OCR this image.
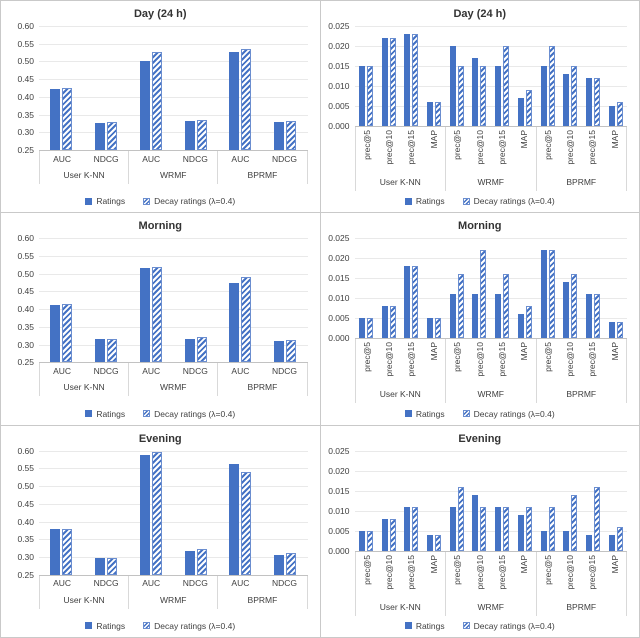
Day (24 h)
0.60
0.55
0.50
0.45
0.40
0.35
0.30
0.25
AUC	NDCG	AUC	NDCG	AUC	NDCG
User K-NN	WRMF	BPRMF
Ratings	Decay ratings (λ=0.4)
Day (24 h)
0.025
0.020
0.015
0.010
0.005
0.000
prec@5 prec@10 prec@15 MAP prec@5 prec@10 prec@15 MAP prec@5 prec@10 prec@15 MAP
User K-NN	WRMF	BPRMF
Ratings	Decay ratings (λ=0.4)
Morning
0.60
0.55
0.50
0.45
0.40
0.35
0.30
0.25
AUC	NDCG	AUC	NDCG	AUC	NDCG
User K-NN	WRMF	BPRMF
Ratings	Decay ratings (λ=0.4)
Morning
0.025
0.020
0.015
0.010
0.005
0.000
prec@5 prec@10 prec@15 MAP prec@5 prec@10 prec@15 MAP prec@5 prec@10 prec@15 MAP
User K-NN	WRMF	BPRMF
Ratings	Decay ratings (λ=0.4)
Evening
0.60
0.55
0.50
0.45
0.40
0.35
0.30
0.25
AUC	NDCG	AUC	NDCG	AUC	NDCG
User K-NN	WRMF	BPRMF
Ratings	Decay ratings (λ=0.4)
Evening
0.025
0.020
0.015
0.010
0.005
0.000
prec@5 prec@10 prec@15 MAP prec@5 prec@10 prec@15 MAP prec@5 prec@10 prec@15 MAP
User K-NN	WRMF	BPRMF
Ratings	Decay ratings (λ=0.4)
